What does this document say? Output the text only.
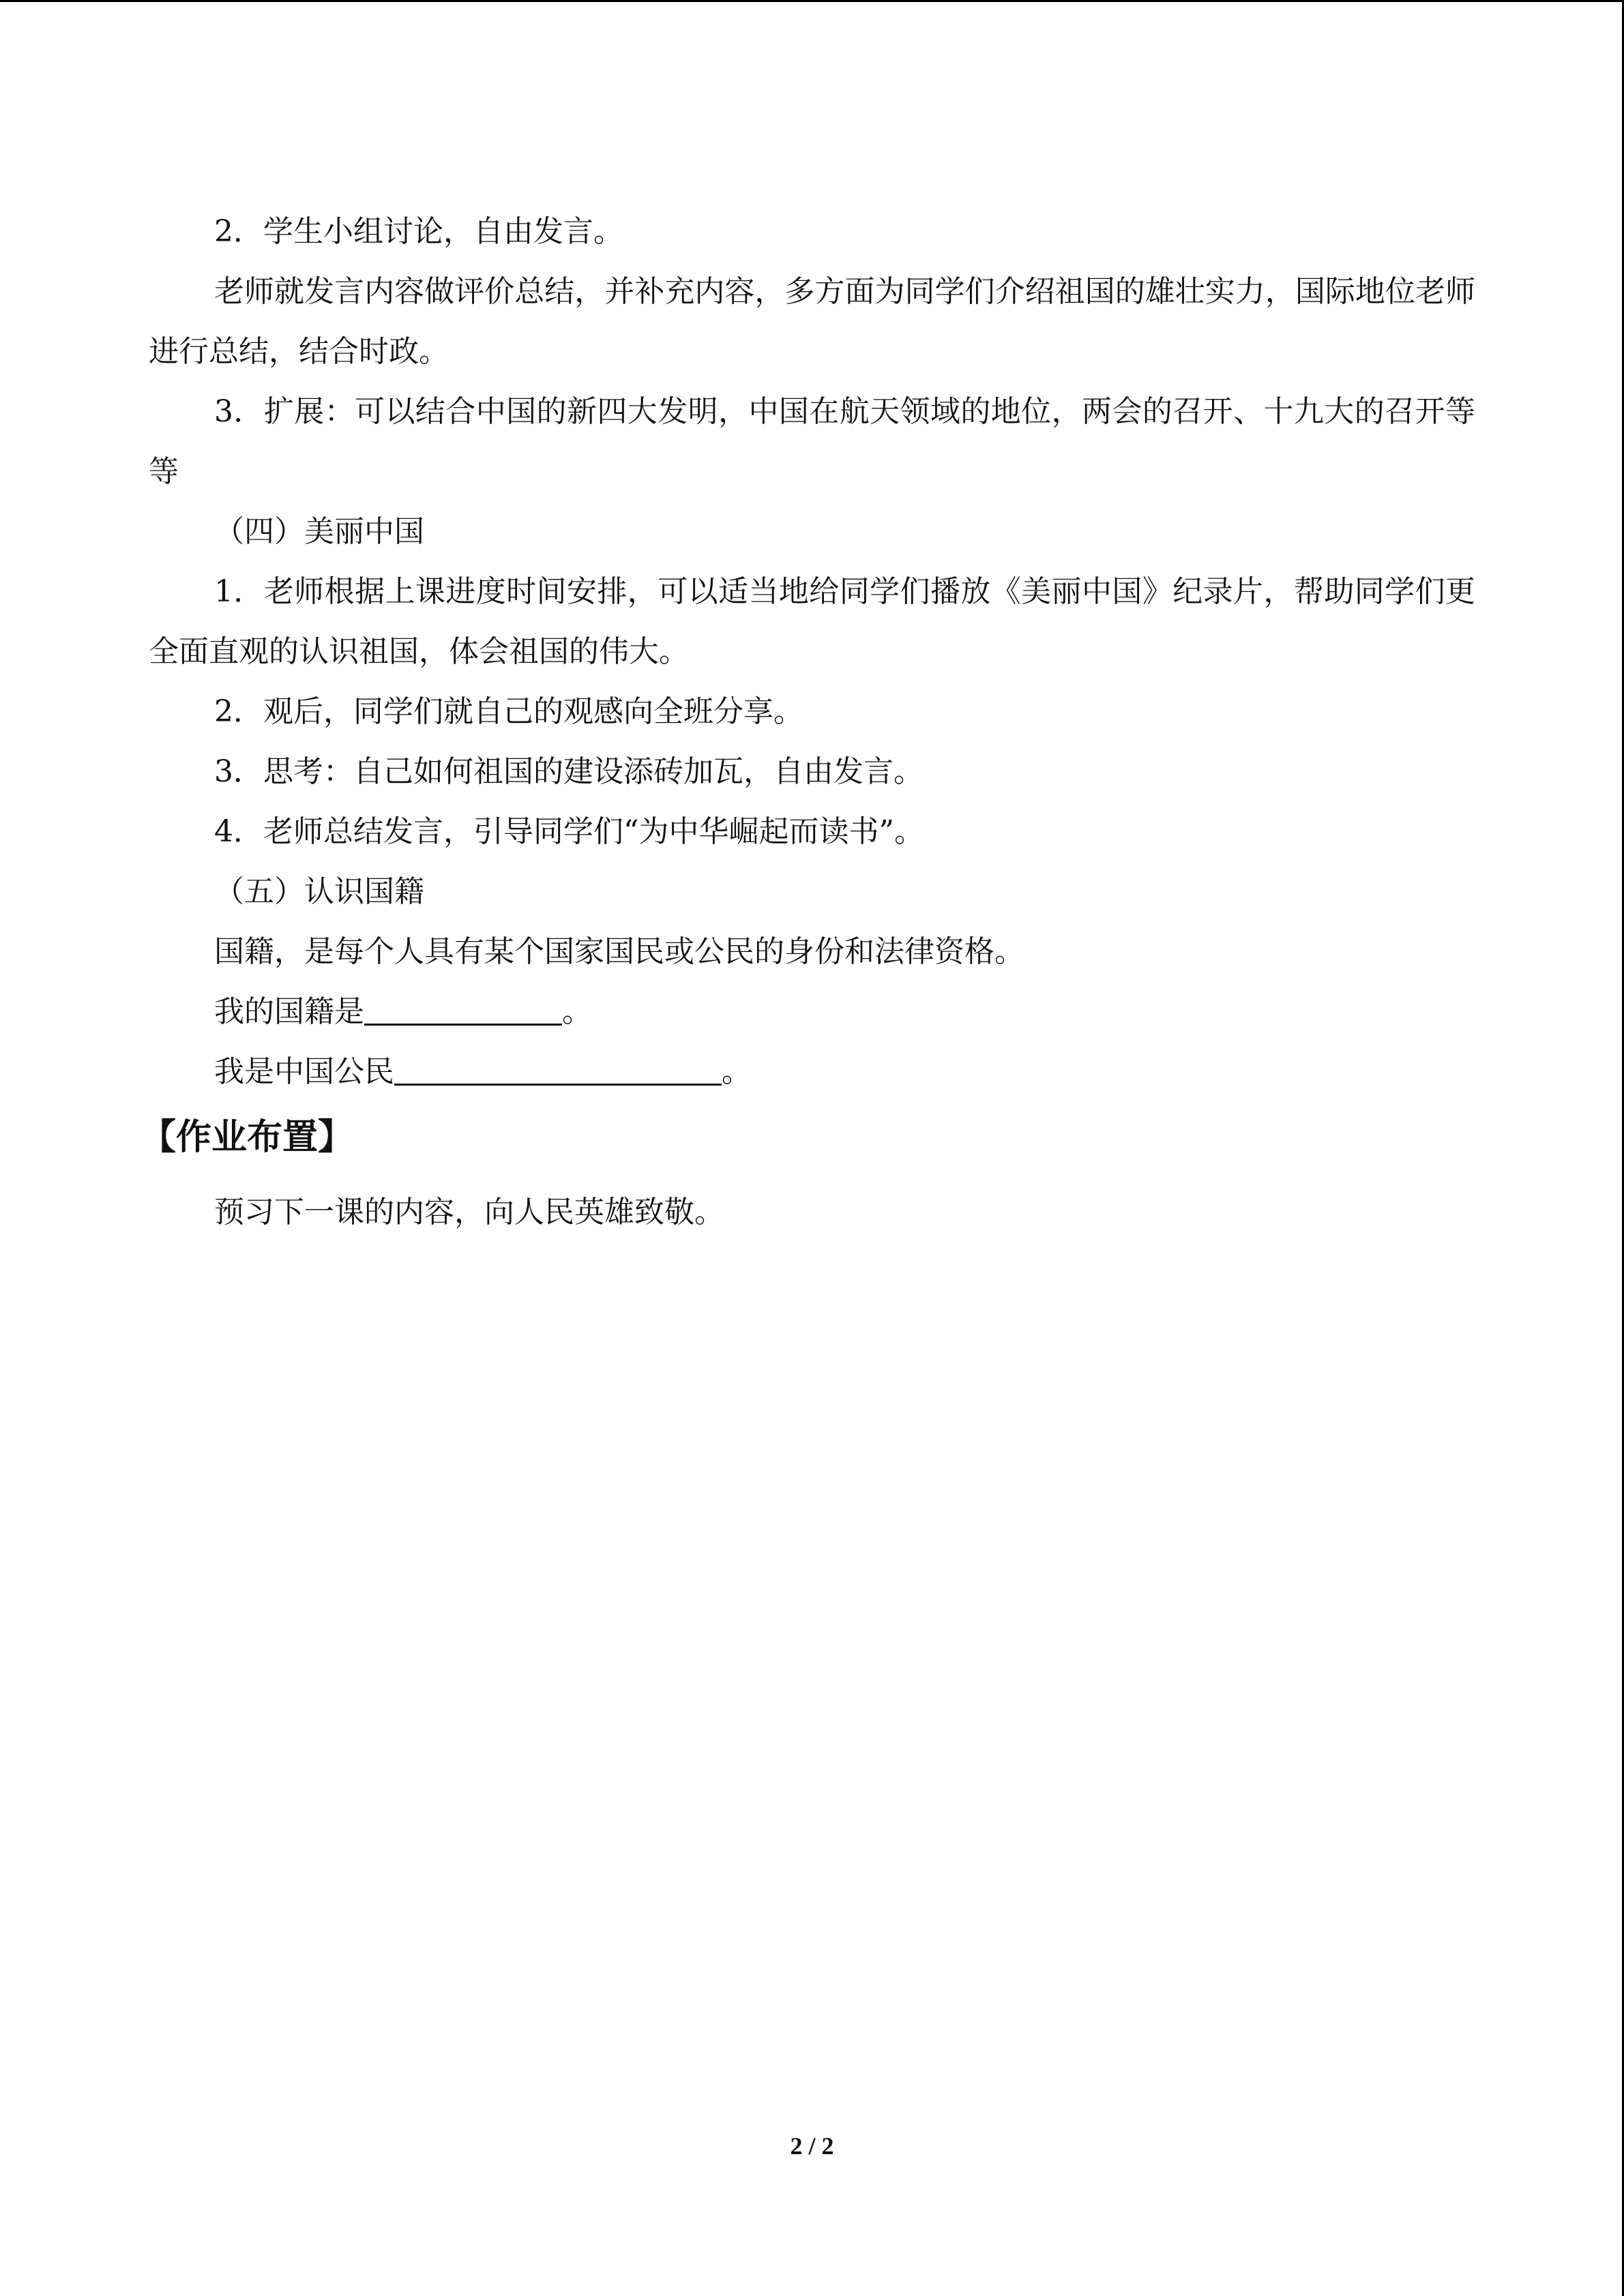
2．学生小组讨论，自由发言。

老师就发言内容做评价总结，并补充内容，多方面为同学们介绍祖国的雄壮实力，国际地位老师进行总结，结合时政。

3．扩展：可以结合中国的新四大发明，中国在航天领域的地位，两会的召开、十九大的召开等等

（四）美丽中国

1．老师根据上课进度时间安排，可以适当地给同学们播放《美丽中国》纪录片，帮助同学们更全面直观的认识祖国，体会祖国的伟大。

2．观后，同学们就自己的观感向全班分享。

3．思考：自己如何祖国的建设添砖加瓦，自由发言。

4．老师总结发言，引导同学们“为中华崛起而读书”。

（五）认识国籍

国籍，是每个人具有某个国家国民或公民的身份和法律资格。

我的国籍是	。

我是中国公民	。

【作业布置】

预习下一课的内容，向人民英雄致敬。

2 / 2
